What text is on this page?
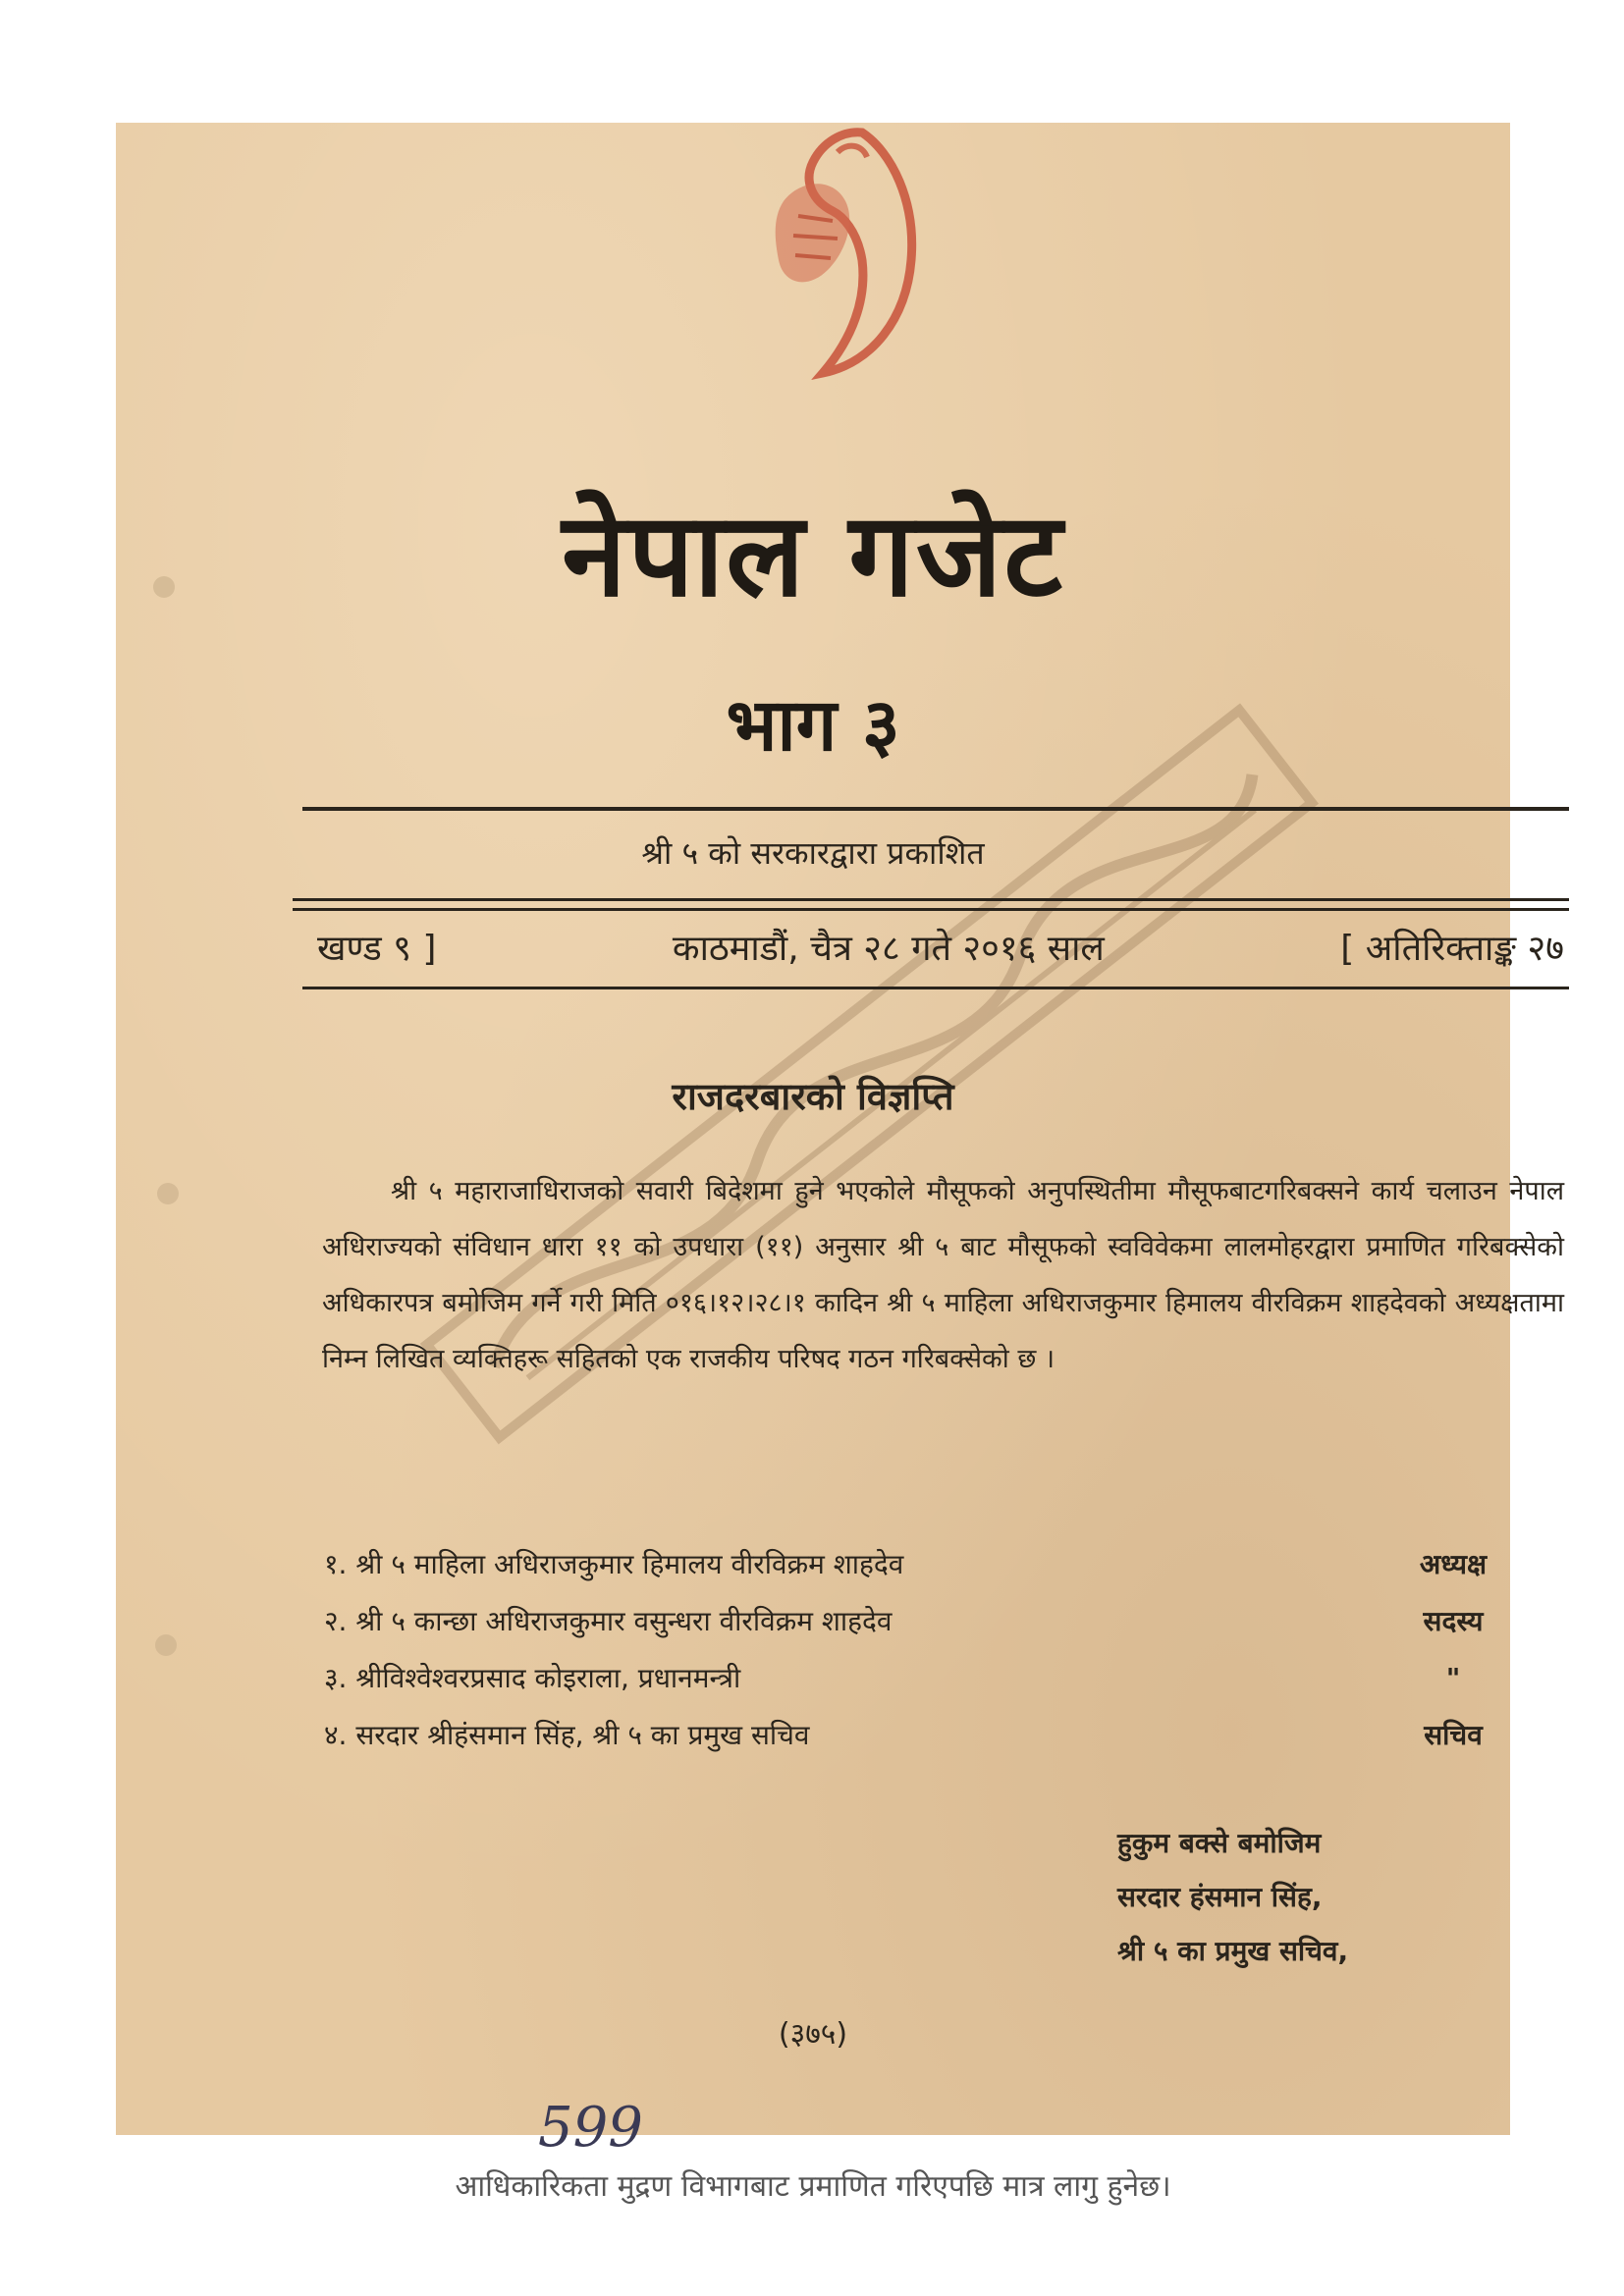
नेपाल गजेट
भाग ३
श्री ५ को सरकारद्वारा प्रकाशित
खण्ड ९ ]	काठमाडौं, चैत्र २८ गते २०१६ साल	[ अतिरिक्ताङ्क २७
राजदरबारको विज्ञप्ति
श्री ५ महाराजाधिराजको सवारी बिदेशमा हुने भएकोले मौसूफको अनुपस्थितीमा मौसूफबाटगरिबक्सने कार्य चलाउन नेपाल अधिराज्यको संविधान धारा ११ को उपधारा (११) अनुसार श्री ५ बाट मौसूफको स्वविवेकमा लालमोहरद्वारा प्रमाणित गरिबक्सेको अधिकारपत्र बमोजिम गर्ने गरी मिति ०१६।१२।२८।१ कादिन श्री ५ माहिला अधिराजकुमार हिमालय वीरविक्रम शाहदेवको अध्यक्षतामा निम्न लिखित व्यक्तिहरू सहितको एक राजकीय परिषद गठन गरिबक्सेको छ ।
१. श्री ५ माहिला अधिराजकुमार हिमालय वीरविक्रम शाहदेव	अध्यक्ष
२. श्री ५ कान्छा अधिराजकुमार वसुन्धरा वीरविक्रम शाहदेव	सदस्य
३. श्रीविश्वेश्वरप्रसाद कोइराला, प्रधानमन्त्री	"
४. सरदार श्रीहंसमान सिंह, श्री ५ का प्रमुख सचिव	सचिव
हुकुम बक्से बमोजिम
सरदार हंसमान सिंह,
श्री ५ का प्रमुख सचिव,
(३७५)
599
आधिकारिकता मुद्रण विभागबाट प्रमाणित गरिएपछि मात्र लागु हुनेछ।
